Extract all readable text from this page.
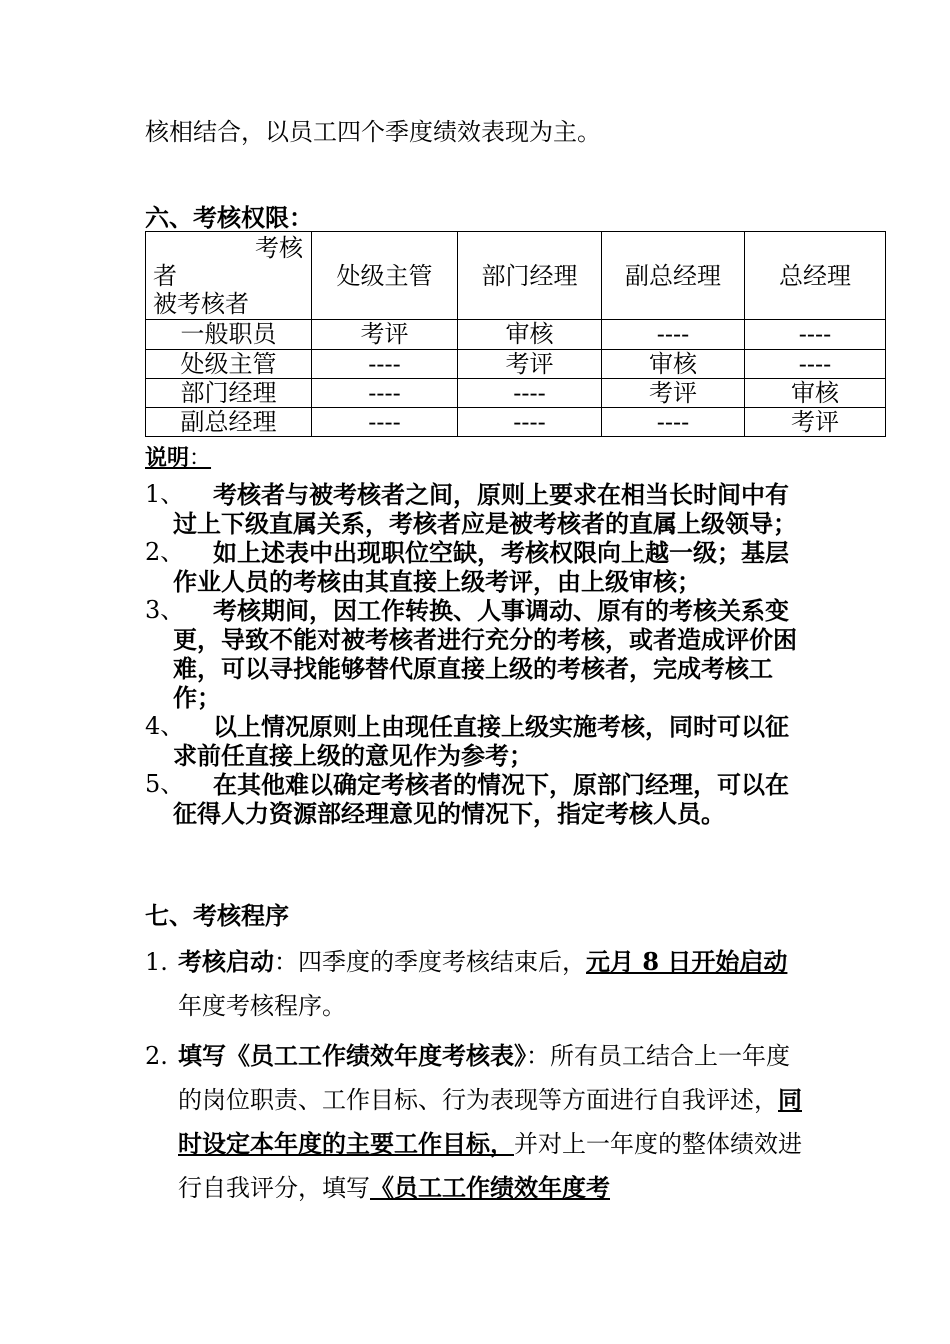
核相结合，以员工四个季度绩效表现为主。
六、考核权限：
考核
者
被考核者	处级主管	部门经理	副总经理	总经理
一般职员	考评	审核	----	----
处级主管	----	考评	审核	----
部门经理	----	----	考评	审核
副总经理	----	----	----	考评
说明：
1、	考核者与被考核者之间，原则上要求在相当长时间中有过上下级直属关系，考核者应是被考核者的直属上级领导；
2、	如上述表中出现职位空缺，考核权限向上越一级；基层作业人员的考核由其直接上级考评，由上级审核；
3、	考核期间，因工作转换、人事调动、原有的考核关系变更，导致不能对被考核者进行充分的考核，或者造成评价困难，可以寻找能够替代原直接上级的考核者，完成考核工作；
4、	以上情况原则上由现任直接上级实施考核，同时可以征求前任直接上级的意见作为参考；
5、	在其他难以确定考核者的情况下，原部门经理，可以在征得人力资源部经理意见的情况下，指定考核人员。
七、考核程序
1. 考核启动：四季度的季度考核结束后，元月 8 日开始启动年度考核程序。
2. 填写《员工工作绩效年度考核表》：所有员工结合上一年度的岗位职责、工作目标、行为表现等方面进行自我评述，同时设定本年度的主要工作目标，并对上一年度的整体绩效进行自我评分，填写《员工工作绩效年度考
